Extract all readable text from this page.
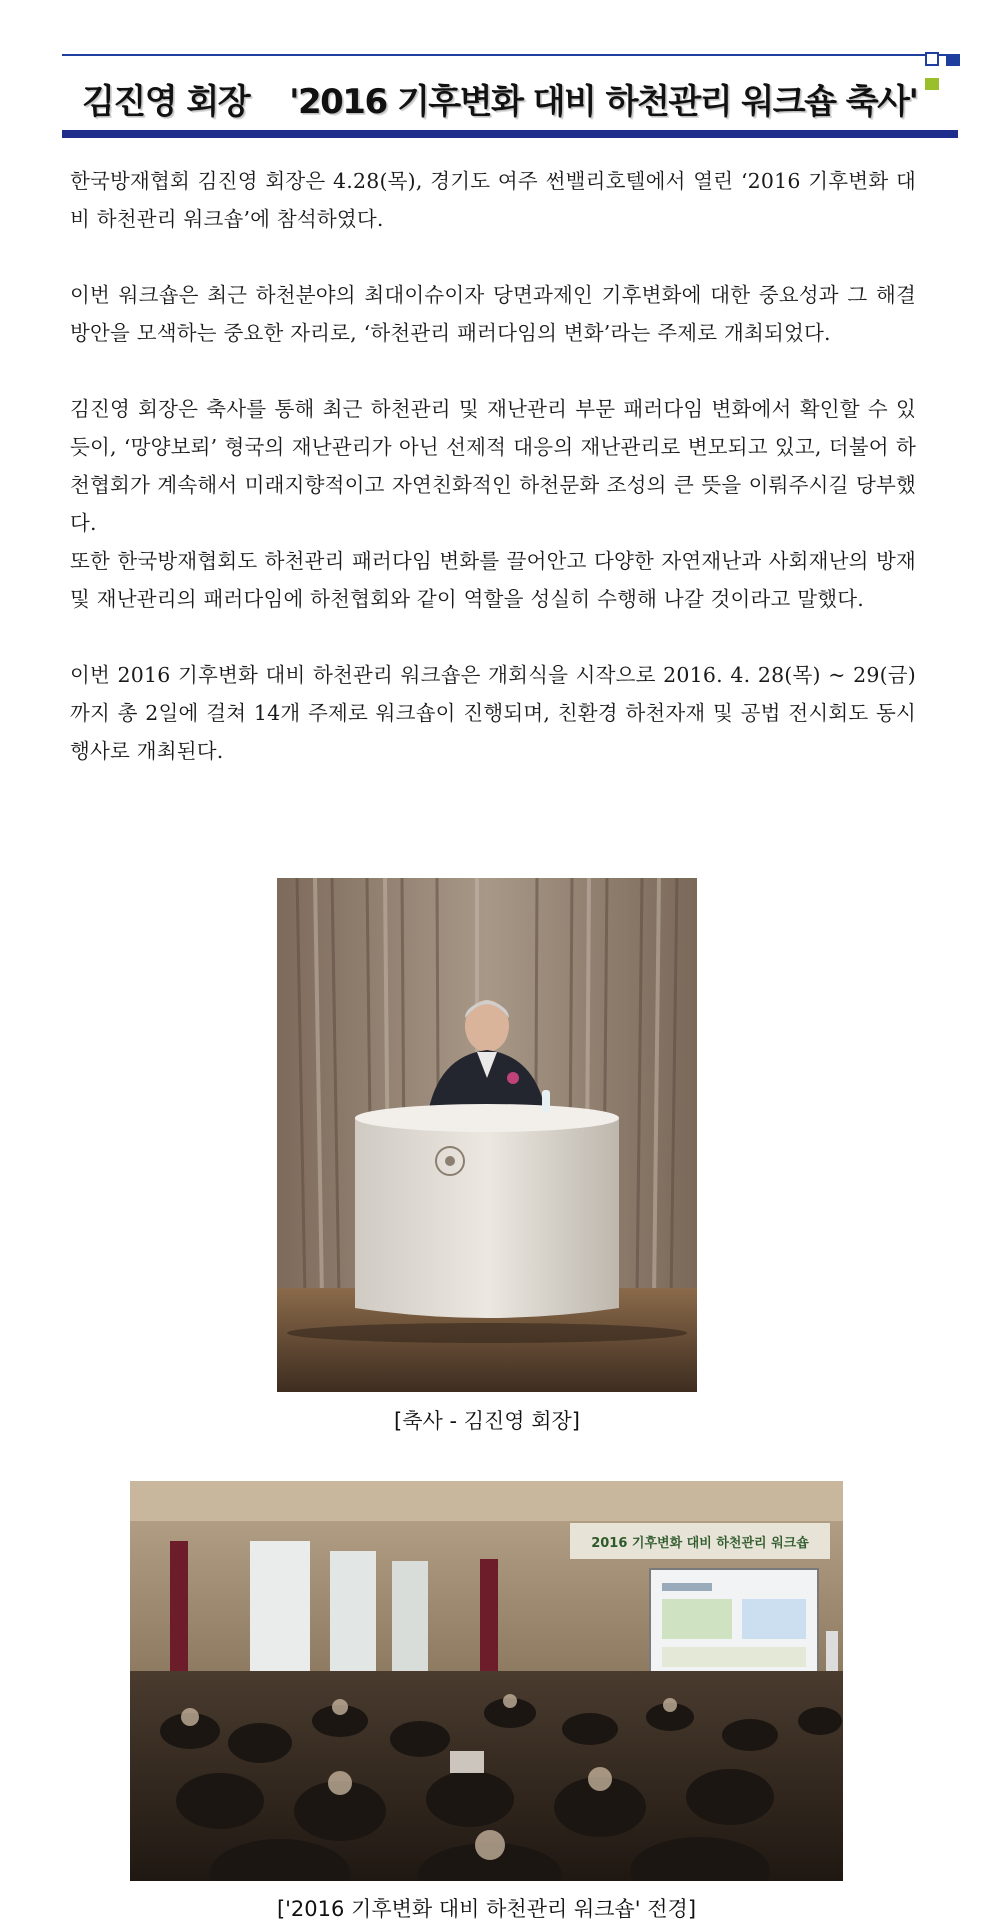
김진영 회장 '2016 기후변화 대비 하천관리 워크숍 축사'

한국방재협회 김진영 회장은 4.28(목), 경기도 여주 썬밸리호텔에서 열린 ‘2016 기후변화 대비 하천관리 워크숍’에 참석하였다.

이번 워크숍은 최근 하천분야의 최대이슈이자 당면과제인 기후변화에 대한 중요성과 그 해결방안을 모색하는 중요한 자리로, ‘하천관리 패러다임의 변화’라는 주제로 개최되었다.

김진영 회장은 축사를 통해 최근 하천관리 및 재난관리 부문 패러다임 변화에서 확인할 수 있듯이, ‘망양보뢰’ 형국의 재난관리가 아닌 선제적 대응의 재난관리로 변모되고 있고, 더불어 하천협회가 계속해서 미래지향적이고 자연친화적인 하천문화 조성의 큰 뜻을 이뤄주시길 당부했다.

또한 한국방재협회도 하천관리 패러다임 변화를 끌어안고 다양한 자연재난과 사회재난의 방재 및 재난관리의 패러다임에 하천협회와 같이 역할을 성실히 수행해 나갈 것이라고 말했다.

이번 2016 기후변화 대비 하천관리 워크숍은 개회식을 시작으로 2016. 4. 28(목) ~ 29(금)까지 총 2일에 걸쳐 14개 주제로 워크숍이 진행되며, 친환경 하천자재 및 공법 전시회도 동시행사로 개최된다.

[축사 - 김진영 회장]
2016 기후변화 대비 하천관리 워크숍
['2016 기후변화 대비 하천관리 워크숍' 전경]
